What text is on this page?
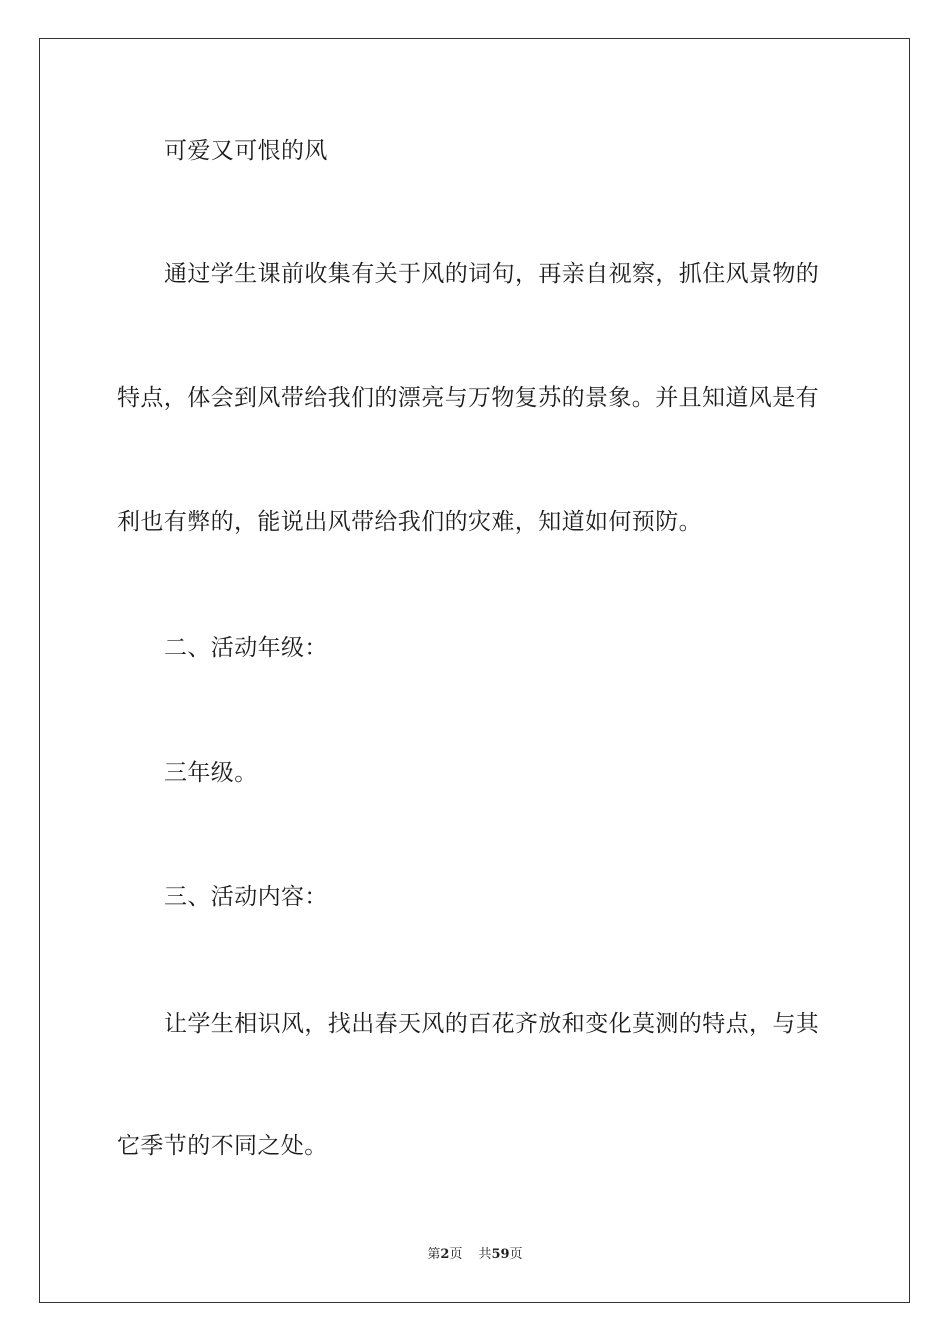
可爱又可恨的风

通过学生课前收集有关于风的词句，再亲自视察，抓住风景物的

特点，体会到风带给我们的漂亮与万物复苏的景象。并且知道风是有

利也有弊的，能说出风带给我们的灾难，知道如何预防。

二、活动年级：

三年级。

三、活动内容：

让学生相识风，找出春天风的百花齐放和变化莫测的特点，与其

它季节的不同之处。

第2页 共59页
